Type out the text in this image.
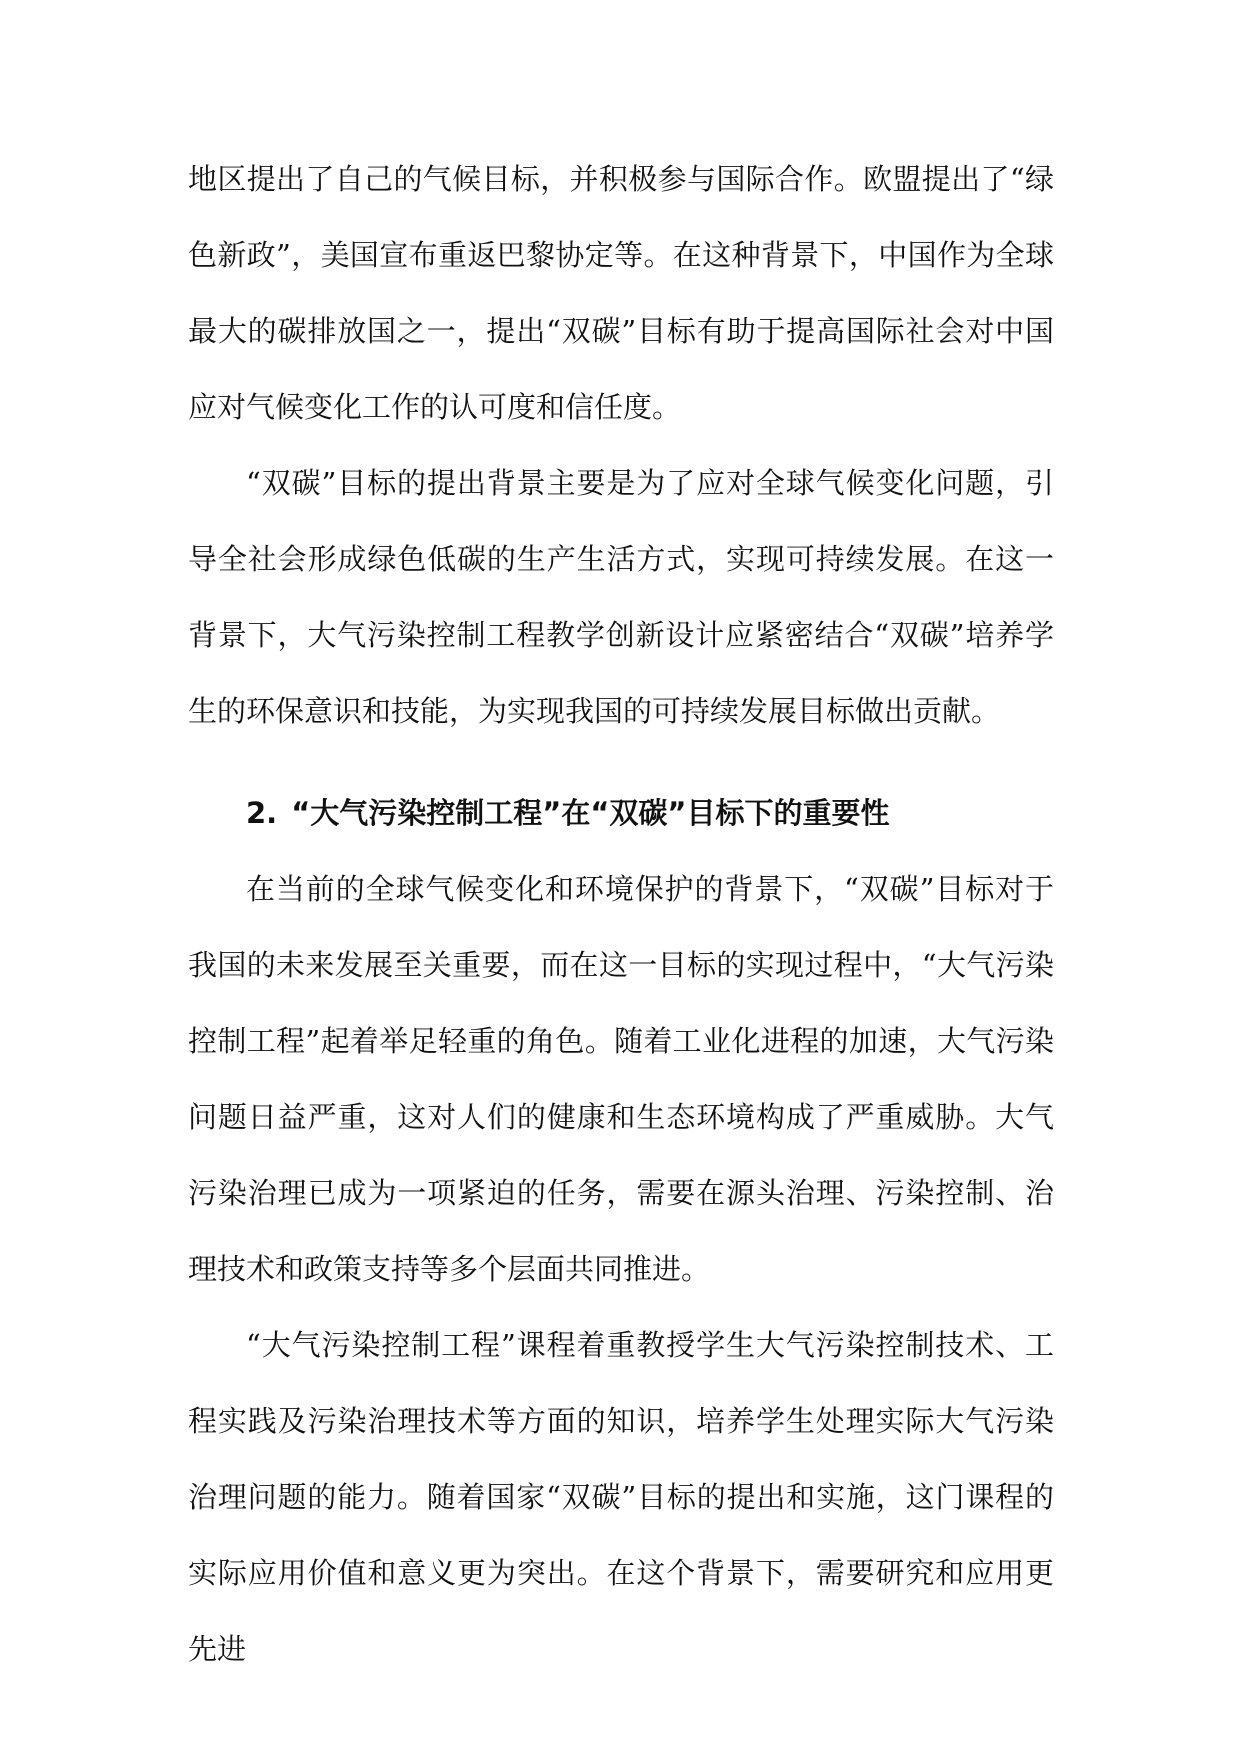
地区提出了自己的气候目标，并积极参与国际合作。欧盟提出了“绿色新政”，美国宣布重返巴黎协定等。在这种背景下，中国作为全球最大的碳排放国之一，提出“双碳”目标有助于提高国际社会对中国应对气候变化工作的认可度和信任度。

“双碳”目标的提出背景主要是为了应对全球气候变化问题，引导全社会形成绿色低碳的生产生活方式，实现可持续发展。在这一背景下，大气污染控制工程教学创新设计应紧密结合“双碳”培养学生的环保意识和技能，为实现我国的可持续发展目标做出贡献。

2. “大气污染控制工程”在“双碳”目标下的重要性

在当前的全球气候变化和环境保护的背景下，“双碳”目标对于我国的未来发展至关重要，而在这一目标的实现过程中，“大气污染控制工程”起着举足轻重的角色。随着工业化进程的加速，大气污染问题日益严重，这对人们的健康和生态环境构成了严重威胁。大气污染治理已成为一项紧迫的任务，需要在源头治理、污染控制、治理技术和政策支持等多个层面共同推进。

“大气污染控制工程”课程着重教授学生大气污染控制技术、工程实践及污染治理技术等方面的知识，培养学生处理实际大气污染治理问题的能力。随着国家“双碳”目标的提出和实施，这门课程的实际应用价值和意义更为突出。在这个背景下，需要研究和应用更先进
